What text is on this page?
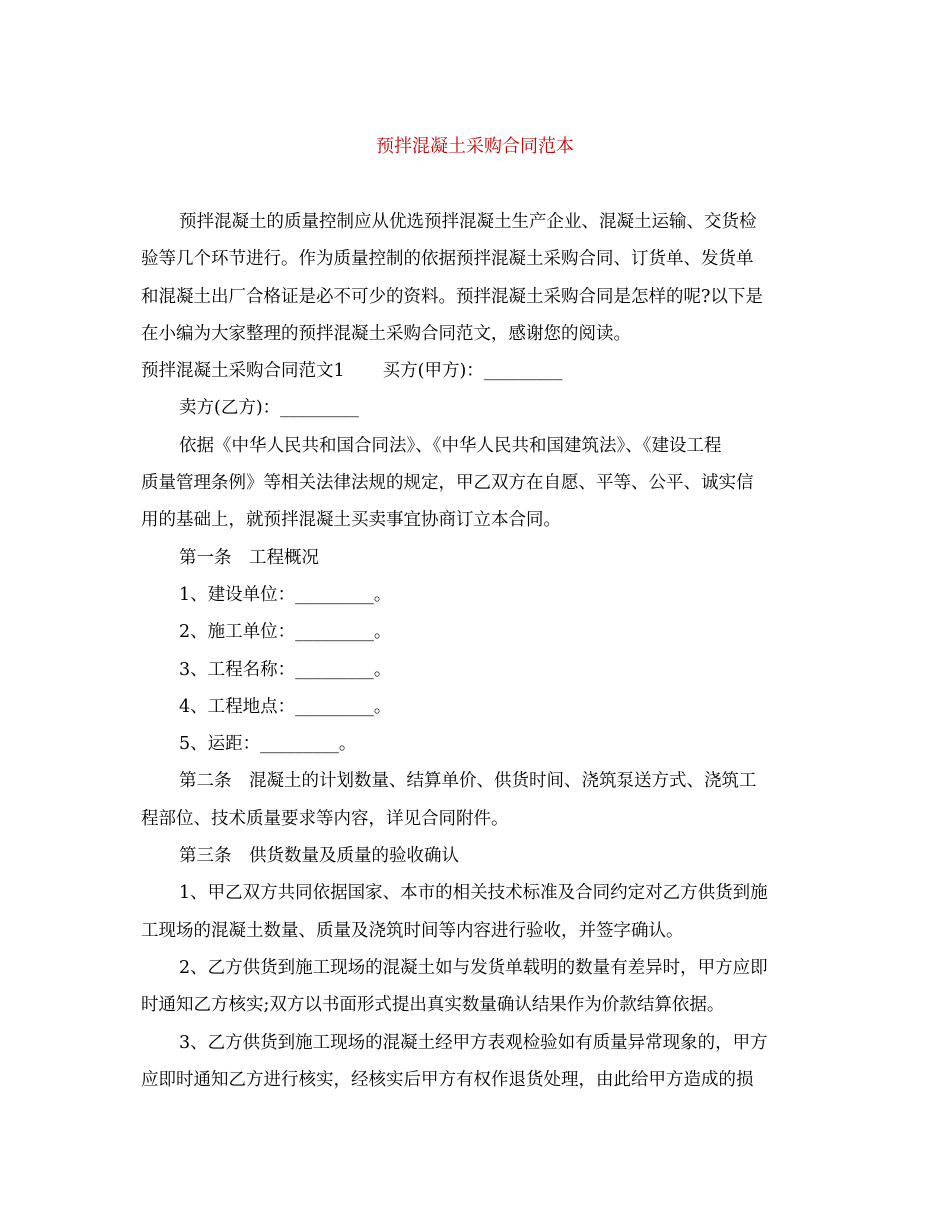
预拌混凝土采购合同范本

预拌混凝土的质量控制应从优选预拌混凝土生产企业、混凝土运输、交货检

验等几个环节进行。作为质量控制的依据预拌混凝土采购合同、订货单、发货单

和混凝土出厂合格证是必不可少的资料。预拌混凝土采购合同是怎样的呢?以下是

在小编为大家整理的预拌混凝土采购合同范文，感谢您的阅读。

预拌混凝土采购合同范文1 买方(甲方)：_________

卖方(乙方)：_________

依据《中华人民共和国合同法》、《中华人民共和国建筑法》、《建设工程

质量管理条例》等相关法律法规的规定，甲乙双方在自愿、平等、公平、诚实信

用的基础上，就预拌混凝土买卖事宜协商订立本合同。

第一条　工程概况

1、建设单位：_________。

2、施工单位：_________。

3、工程名称：_________。

4、工程地点：_________。

5、运距：_________。

第二条　混凝土的计划数量、结算单价、供货时间、浇筑泵送方式、浇筑工

程部位、技术质量要求等内容，详见合同附件。

第三条　供货数量及质量的验收确认

1、甲乙双方共同依据国家、本市的相关技术标准及合同约定对乙方供货到施

工现场的混凝土数量、质量及浇筑时间等内容进行验收，并签字确认。

2、乙方供货到施工现场的混凝土如与发货单载明的数量有差异时，甲方应即

时通知乙方核实;双方以书面形式提出真实数量确认结果作为价款结算依据。

3、乙方供货到施工现场的混凝土经甲方表观检验如有质量异常现象的，甲方

应即时通知乙方进行核实，经核实后甲方有权作退货处理，由此给甲方造成的损
